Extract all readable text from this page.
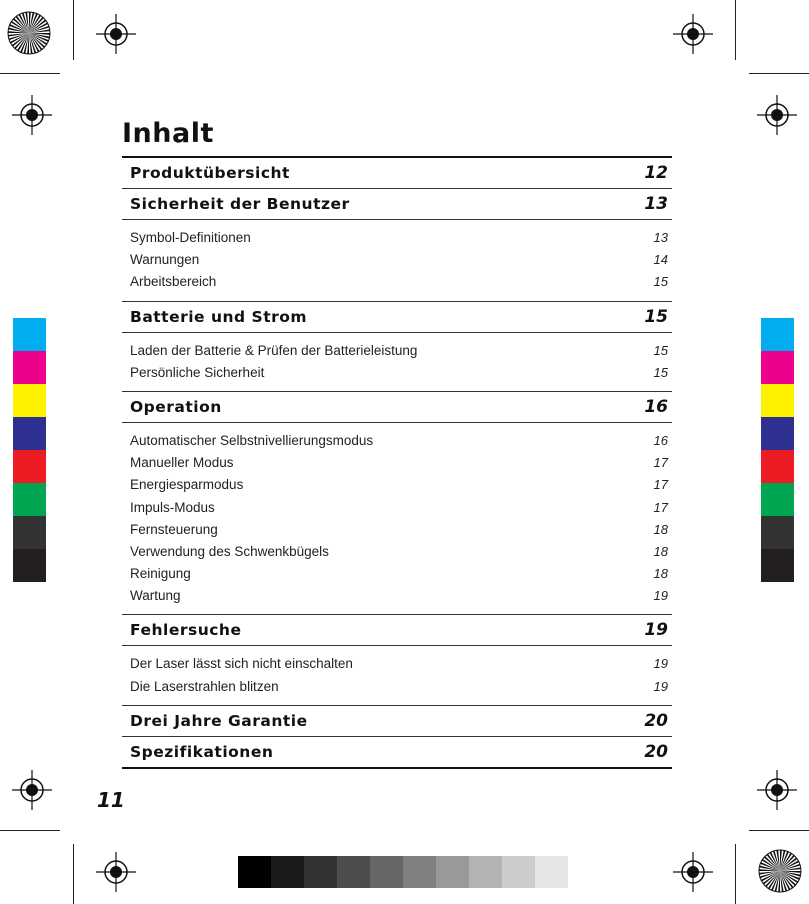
Inhalt
Produktübersicht	12
Sicherheit der Benutzer	13
Symbol-Definitionen	13
Warnungen	14
Arbeitsbereich	15
Batterie und Strom	15
Laden der Batterie & Prüfen der Batterieleistung	15
Persönliche Sicherheit	15
Operation	16
Automatischer Selbstnivellierungsmodus	16
Manueller Modus	17
Energiesparmodus	17
Impuls-Modus	17
Fernsteuerung	18
Verwendung des Schwenkbügels	18
Reinigung	18
Wartung	19
Fehlersuche	19
Der Laser lässt sich nicht einschalten	19
Die Laserstrahlen blitzen	19
Drei Jahre Garantie	20
Spezifikationen	20
11
